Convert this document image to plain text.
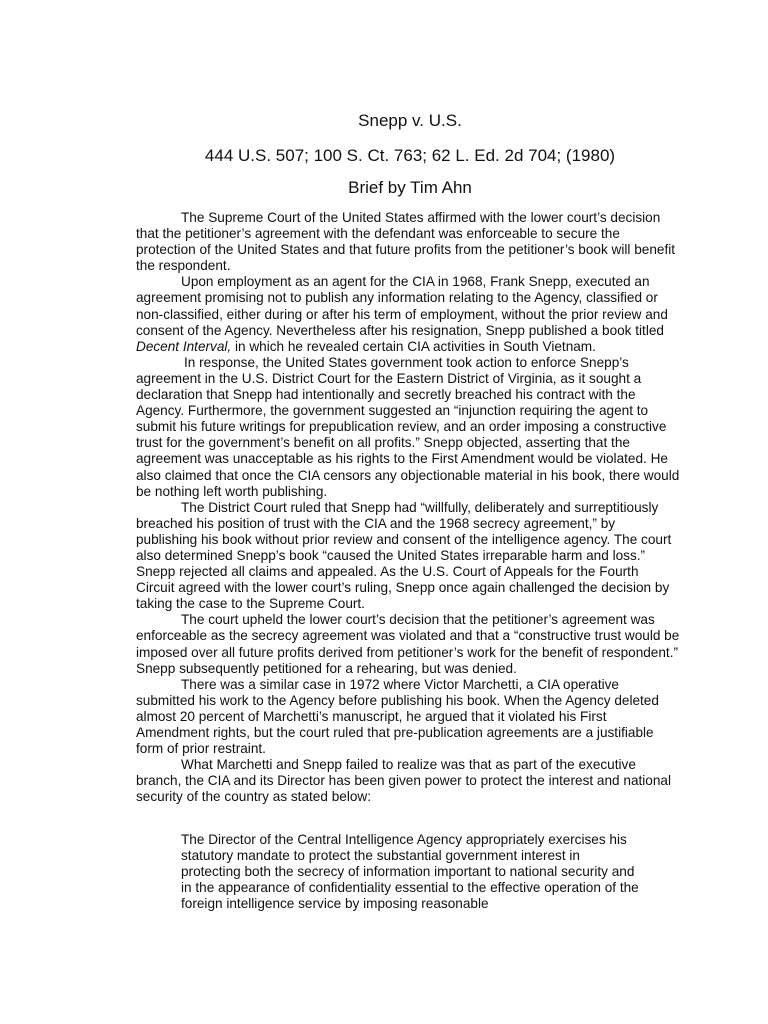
Snepp v. U.S.
444 U.S. 507; 100 S. Ct. 763; 62 L. Ed. 2d 704; (1980)
Brief by Tim Ahn

The Supreme Court of the United States affirmed with the lower court’s decision that the petitioner’s agreement with the defendant was enforceable to secure the protection of the United States and that future profits from the petitioner’s book will benefit the respondent.

Upon employment as an agent for the CIA in 1968, Frank Snepp, executed an agreement promising not to publish any information relating to the Agency, classified or non-classified, either during or after his term of employment, without the prior review and consent of the Agency. Nevertheless after his resignation, Snepp published a book titled Decent Interval, in which he revealed certain CIA activities in South Vietnam.

In response, the United States government took action to enforce Snepp’s agreement in the U.S. District Court for the Eastern District of Virginia, as it sought a declaration that Snepp had intentionally and secretly breached his contract with the Agency. Furthermore, the government suggested an “injunction requiring the agent to submit his future writings for prepublication review, and an order imposing a constructive trust for the government’s benefit on all profits.” Snepp objected, asserting that the agreement was unacceptable as his rights to the First Amendment would be violated. He also claimed that once the CIA censors any objectionable material in his book, there would be nothing left worth publishing.

The District Court ruled that Snepp had “willfully, deliberately and surreptitiously breached his position of trust with the CIA and the 1968 secrecy agreement,” by publishing his book without prior review and consent of the intelligence agency. The court also determined Snepp’s book “caused the United States irreparable harm and loss.” Snepp rejected all claims and appealed. As the U.S. Court of Appeals for the Fourth Circuit agreed with the lower court’s ruling, Snepp once again challenged the decision by taking the case to the Supreme Court.

The court upheld the lower court’s decision that the petitioner’s agreement was enforceable as the secrecy agreement was violated and that a “constructive trust would be imposed over all future profits derived from petitioner’s work for the benefit of respondent.” Snepp subsequently petitioned for a rehearing, but was denied.

There was a similar case in 1972 where Victor Marchetti, a CIA operative submitted his work to the Agency before publishing his book. When the Agency deleted almost 20 percent of Marchetti’s manuscript, he argued that it violated his First Amendment rights, but the court ruled that pre-publication agreements are a justifiable form of prior restraint.

What Marchetti and Snepp failed to realize was that as part of the executive branch, the CIA and its Director has been given power to protect the interest and national security of the country as stated below:

The Director of the Central Intelligence Agency appropriately exercises his statutory mandate to protect the substantial government interest in protecting both the secrecy of information important to national security and in the appearance of confidentiality essential to the effective operation of the foreign intelligence service by imposing reasonable
